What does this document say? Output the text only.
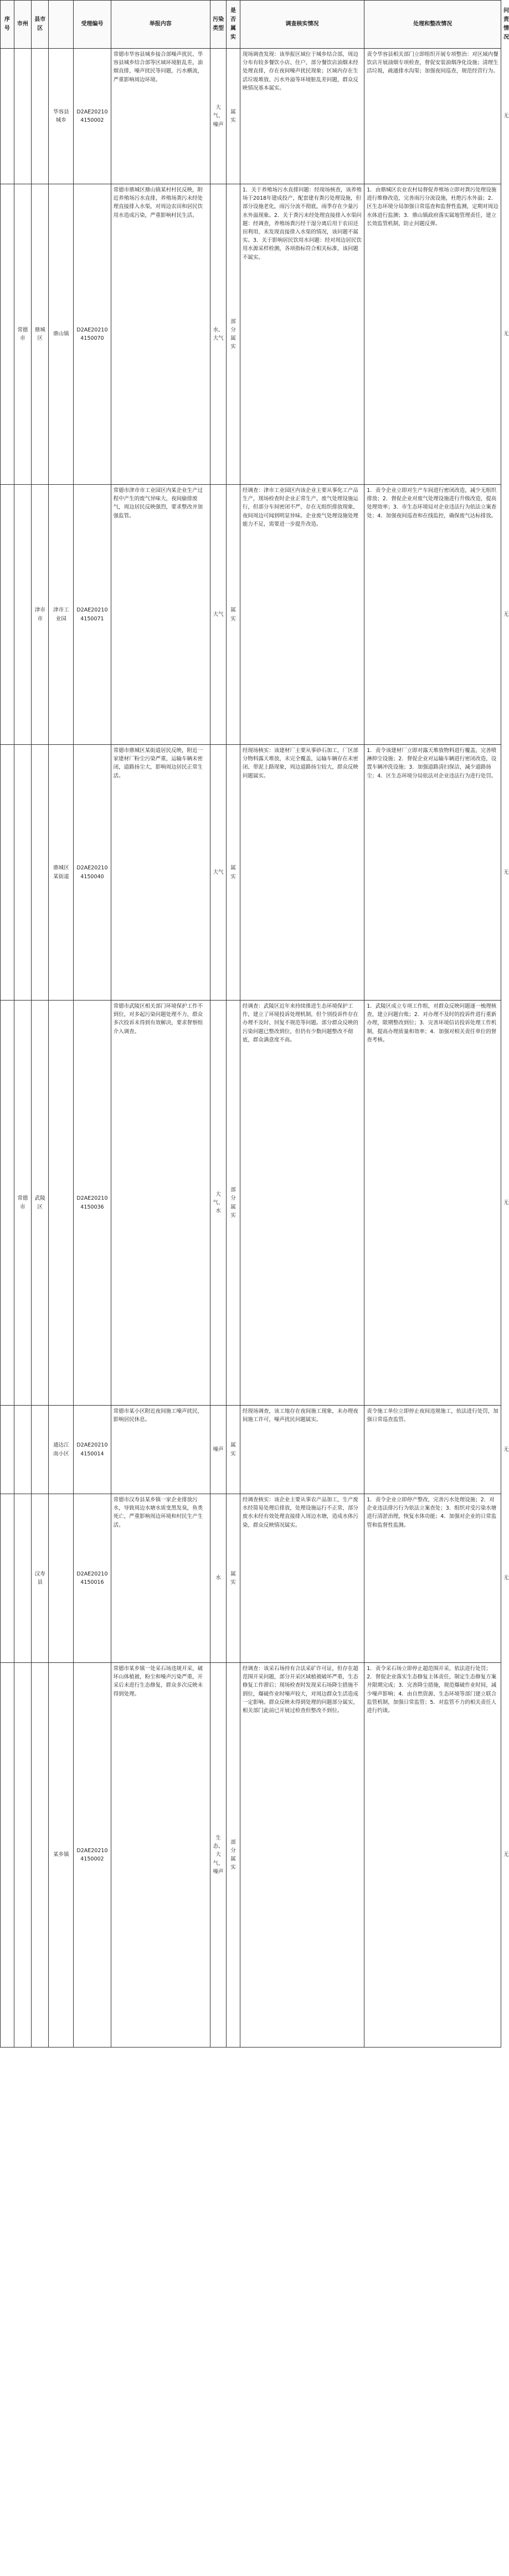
序号	市州	县市区		受理编号	举报内容	污染类型	是否属实	调查核实情况	处理和整改情况	问责情况
			华容县城乡	D2AE202104150002	常德市华容县城乡接合部噪声扰民、华容县城乡结合部等区域环境脏乱差，油烟直排，噪声扰民等问题，污水横流，严重影响周边环境。	大气、噪声	属实	现场调查发现：该举报区域位于城乡结合部，周边分布有较多餐饮小店、住户，部分餐饮店油烟未经处理直排，存在夜间噪声扰民现象；区域内存在生活垃圾堆放、污水外溢等环境脏乱差问题，群众反映情况基本属实。	责令华容县相关部门立即组织开展专项整治：对区域内餐饮店开展油烟专项检查，督促安装油烟净化设施；清理生活垃圾，疏通排水沟渠；加强夜间巡查，规范经营行为。	无
	常德市	鼎城区	鼎山镇	D2AE202104150070	常德市鼎城区鼎山镇某村村民反映，附近养殖场污水直排，养殖场粪污未经处理直接排入水渠，对周边农田和居民饮用水造成污染，严重影响村民生活。	水、大气	部分属实	1．关于养殖场污水直排问题：经现场核查，该养殖场于2018年建成投产，配套建有粪污处理设施，但部分设施老化，雨污分流不彻底，雨季存在少量污水外溢现象。2．关于粪污未经处理直接排入水渠问题：经调查，养殖场粪污经干湿分离后用于农田还田利用，未发现直接排入水渠的情况，该问题不属实。3．关于影响居民饮用水问题：经对周边居民饮用水源采样检测，各项指标符合相关标准，该问题不属实。	1．由鼎城区农业农村局督促养殖场立即对粪污处理设施进行维修改造，完善雨污分流设施，杜绝污水外溢；2．区生态环境分局加强日常巡查和监督性监测，定期对周边水体进行监测；3．鼎山镇政府落实属地管理责任，建立长效监管机制，防止问题反弹。	无
		津市市	津市工业园	D2AE202104150071	常德市津市市工业园区内某企业生产过程中产生的废气异味大，夜间偷排废气，周边居民反映强烈，要求整改并加强监管。	大气	属实	经调查：津市工业园区内该企业主要从事化工产品生产，现场检查时企业正常生产，废气处理设施运行，但部分车间密闭不严，存在无组织排放现象，夜间周边可闻到明显异味。企业废气处理设施处理能力不足，需要进一步提升改造。	1．责令企业立即对生产车间进行密闭改造，减少无组织排放；2．督促企业对废气处理设施进行升级改造，提高处理效率；3．市生态环境局对企业违法行为依法立案查处；4．加强夜间巡查和在线监控，确保废气达标排放。	无
			鼎城区某街道	D2AE202104150040	常德市鼎城区某街道居民反映，附近一家建材厂粉尘污染严重，运输车辆未密闭，道路扬尘大，影响周边居民正常生活。	大气	属实	经现场核实：该建材厂主要从事砂石加工，厂区部分物料露天堆放，未完全覆盖，运输车辆存在未密闭、带泥上路现象，周边道路扬尘较大，群众反映问题属实。	1．责令该建材厂立即对露天堆放物料进行覆盖，完善喷淋抑尘设施；2．督促企业对运输车辆进行密闭改造，设置车辆冲洗设施；3．加强道路清扫保洁，减少道路扬尘；4．区生态环境分局依法对企业违法行为进行处罚。	无
	常德市	武陵区		D2AE202104150036	常德市武陵区相关部门环境保护工作不到位，对多起污染问题处理不力，群众多次投诉未得到有效解决，要求督察组介入调查。	大气、水	部分属实	经调查：武陵区近年来持续推进生态环境保护工作，建立了环境投诉处理机制，但个别投诉件存在办理不及时、回复不规范等问题。部分群众反映的污染问题已整改到位，但仍有少数问题整改不彻底，群众满意度不高。	1．武陵区成立专项工作组，对群众反映问题逐一梳理核查，建立问题台账；2．对办理不及时的投诉件进行重新办理，限期整改到位；3．完善环境信访投诉处理工作机制，提高办理质量和效率；4．加强对相关责任单位的督查考核。	无
			通达江南小区	D2AE202104150014	常德市某小区附近夜间施工噪声扰民，影响居民休息。	噪声	属实	经现场调查，该工地存在夜间施工现象，未办理夜间施工许可，噪声扰民问题属实。	责令施工单位立即停止夜间违规施工，依法进行处罚，加强日常巡查监管。	无
		汉寿县		D2AE202104150016	常德市汉寿县某乡镇一家企业排放污水，导致周边水塘水质变黑发臭，鱼类死亡，严重影响周边环境和村民生产生活。	水	属实	经调查核实：该企业主要从事农产品加工，生产废水经简易处理后排放，处理设施运行不正常，部分废水未经有效处理直接排入周边水塘，造成水体污染，群众反映情况属实。	1．责令企业立即停产整改，完善污水处理设施；2．对企业违法排污行为依法立案查处；3．组织对受污染水塘进行清淤治理，恢复水体功能；4．加强对企业的日常监管和监督性监测。	无
			某乡镇	D2AE202104150002	常德市某乡镇一处采石场违规开采，破坏山体植被，粉尘和噪声污染严重，开采后未进行生态修复，群众多次反映未得到处理。	生态、大气、噪声	部分属实	经调查：该采石场持有合法采矿许可证，但存在超范围开采问题，部分开采区域植被破坏严重，生态修复工作滞后；现场检查时发现采石场降尘措施不到位，爆破作业时噪声较大，对周边群众生活造成一定影响。群众反映未得到处理的问题部分属实，相关部门此前已开展过检查但整改不到位。	1．责令采石场立即停止超范围开采，依法进行处罚；2．督促企业落实生态修复主体责任，制定生态修复方案并限期完成；3．完善降尘措施，规范爆破作业时间，减少噪声影响；4．由自然资源、生态环境等部门建立联合监管机制，加强日常监管；5．对监管不力的相关责任人进行约谈。	无
